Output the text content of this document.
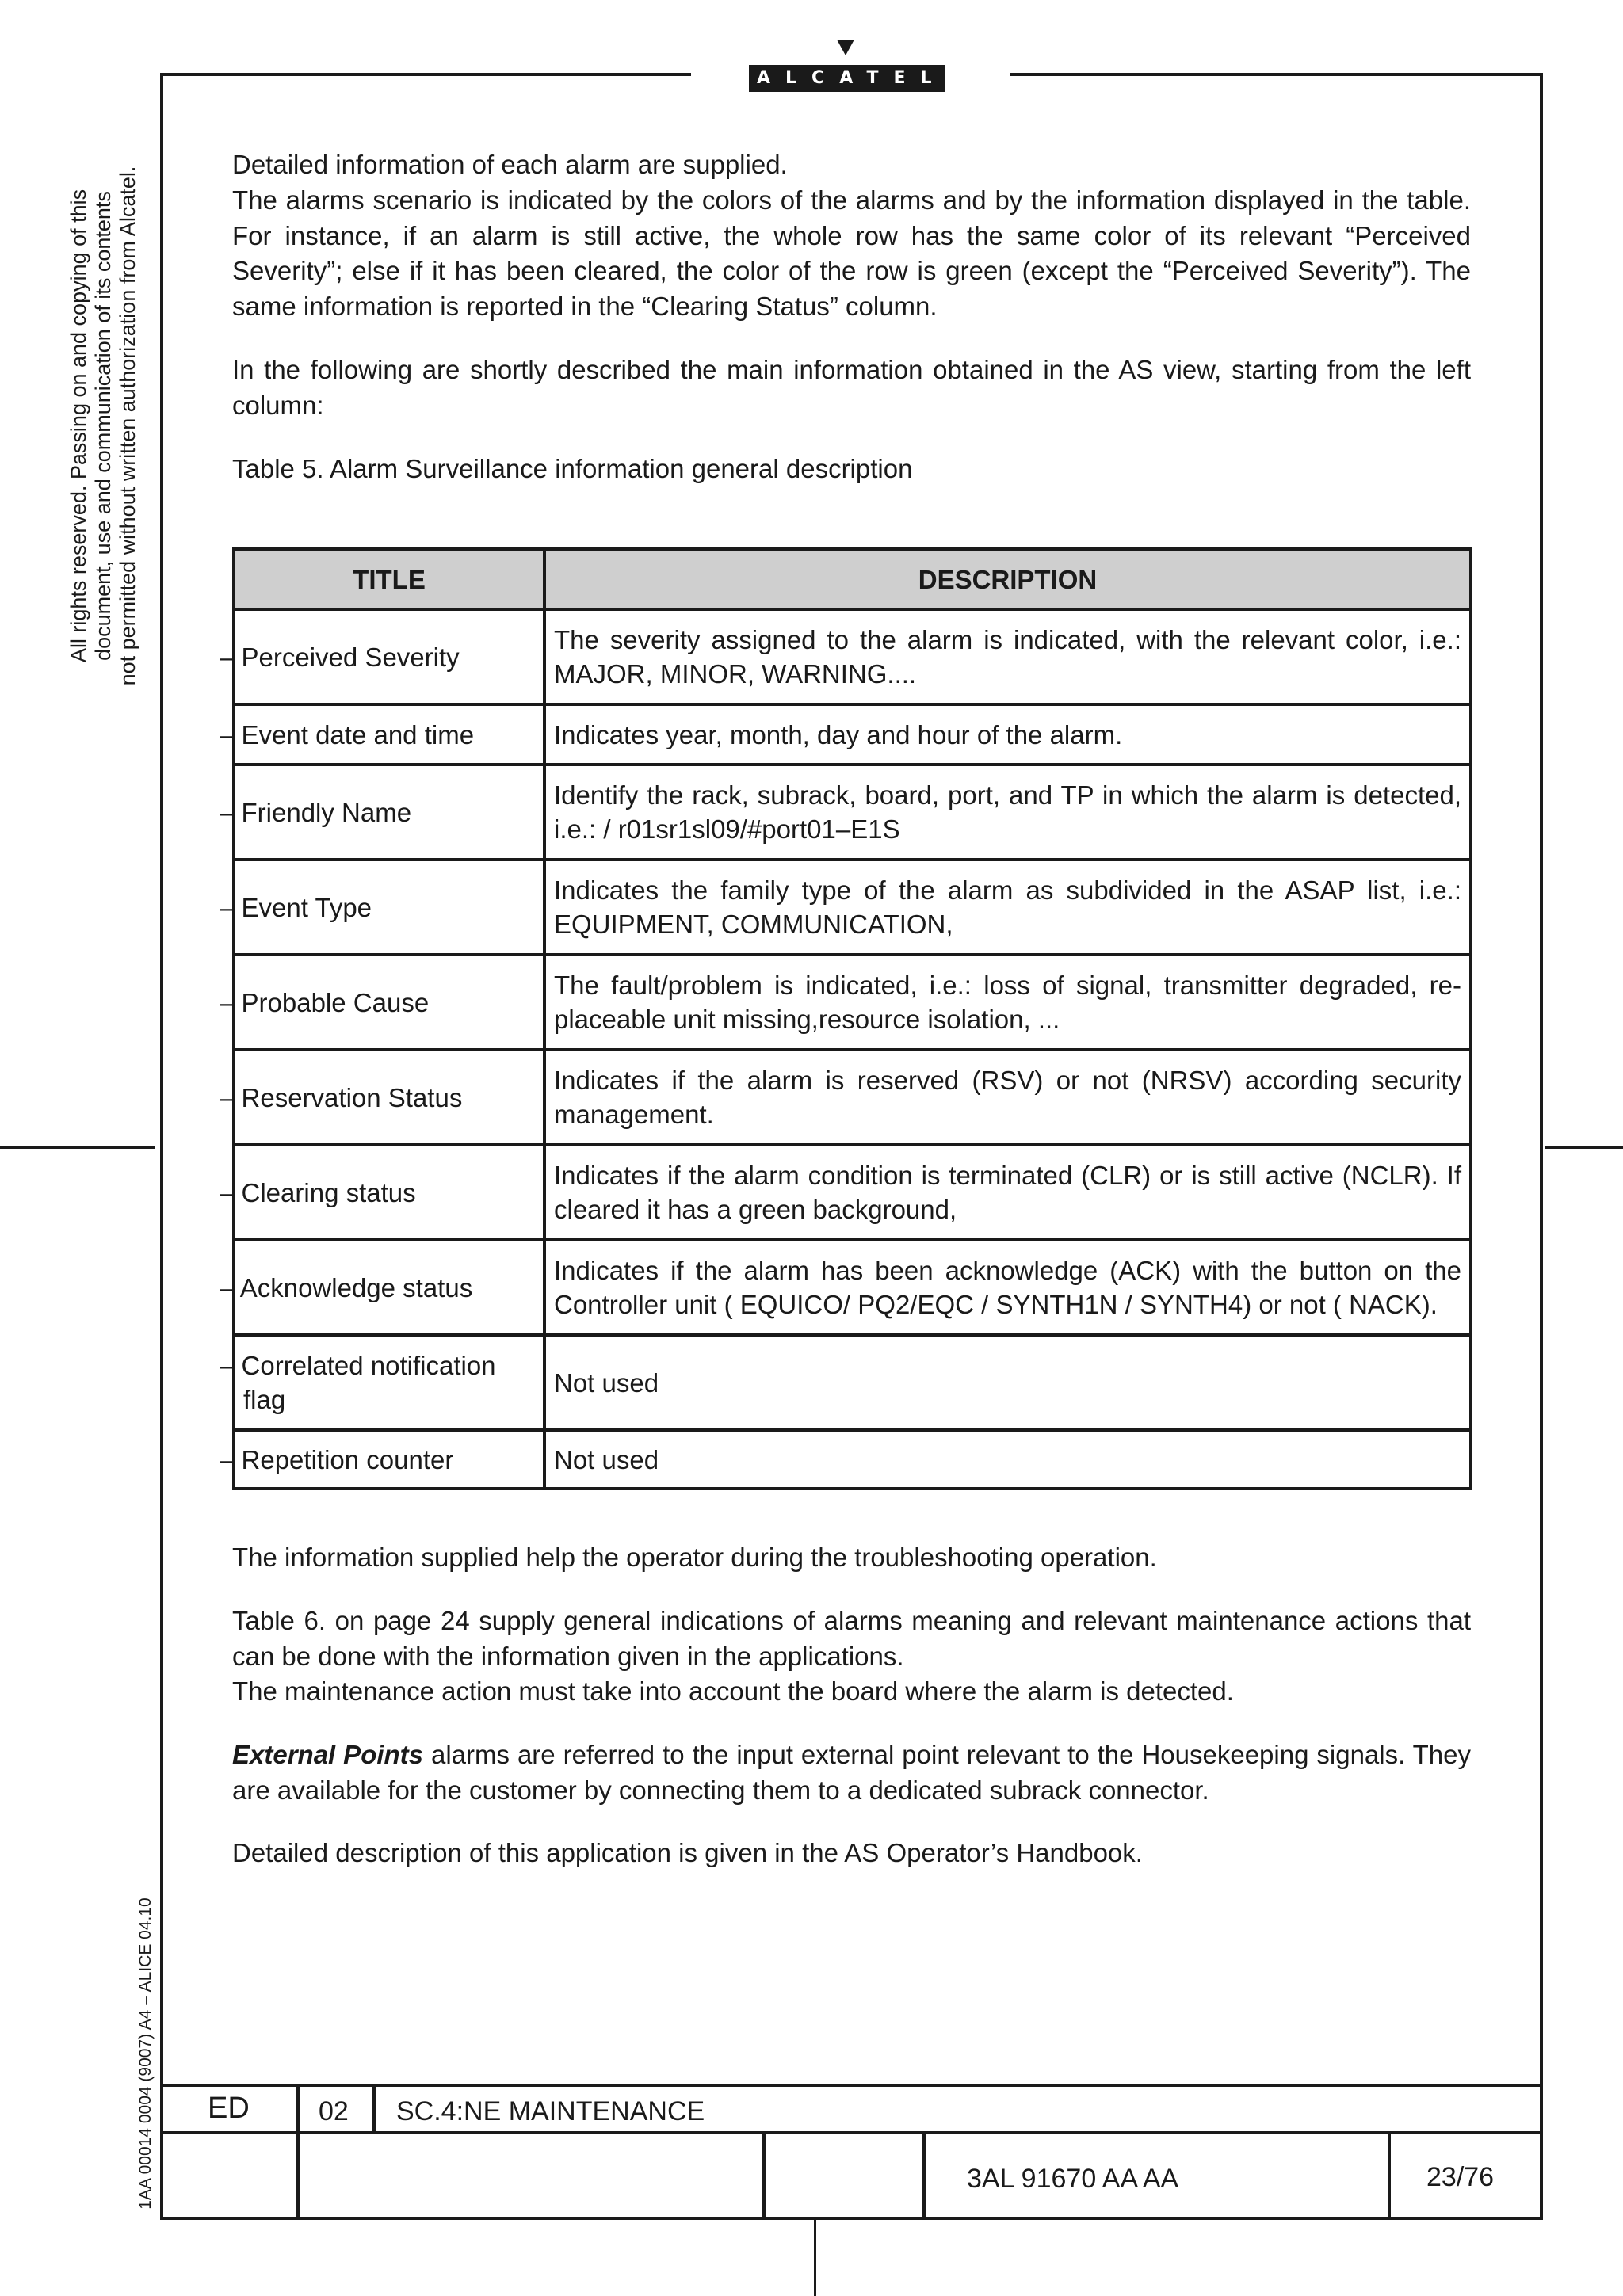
ALCATEL
All rights reserved. Passing on and copying of this document, use and communication of its contents not permitted without written authorization from Alcatel.
1AA 00014 0004 (9007) A4 – ALICE 04.10

Detailed information of each alarm are supplied.

The alarms scenario is indicated by the colors of the alarms and by the information displayed in the table. For instance, if an alarm is still active, the whole row has the same color of its relevant “Perceived Severity”; else if it has been cleared, the color of the row is green (except the “Perceived Severity”). The same information is reported in the “Clearing Status” column.

In the following are shortly described the main information obtained in the AS view, starting from the left column:

Table 5. Alarm Surveillance information general description

TITLE	DESCRIPTION
– Perceived Severity	The severity assigned to the alarm is indicated, with the relevant color, i.e.: MAJOR, MINOR, WARNING....
– Event date and time	Indicates year, month, day and hour of the alarm.
– Friendly Name	Identify the rack, subrack, board, port, and TP in which the alarm is detected, i.e.: / r01sr1sl09/#port01–E1S
– Event Type	Indicates the family type of the alarm as subdivided in the ASAP list, i.e.: EQUIPMENT, COMMUNICATION,
– Probable Cause	The fault/problem is indicated, i.e.: loss of signal, transmitter degraded, re- placeable unit missing,resource isolation, ...
– Reservation Status	Indicates if the alarm is reserved (RSV) or not (NRSV) according security management.
– Clearing status	Indicates if the alarm condition is terminated (CLR) or is still active (NCLR). If cleared it has a green background,
– Acknowledge status	Indicates if the alarm has been acknowledge (ACK) with the button on the Controller unit ( EQUICO/ PQ2/EQC / SYNTH1N / SYNTH4) or not ( NACK).
– Correlated notification flag	Not used
– Repetition counter	Not used

The information supplied help the operator during the troubleshooting operation.

Table 6. on page 24 supply general indications of alarms meaning and relevant maintenance actions that can be done with the information given in the applications.

The maintenance action must take into account the board where the alarm is detected.

External Points alarms are referred to the input external point relevant to the Housekeeping signals. They are available for the customer by connecting them to a dedicated subrack connector.

Detailed description of this application is given in the AS Operator’s Handbook.

ED	02 SC.4:NE MAINTENANCE
3AL 91670 AA AA	23/76
